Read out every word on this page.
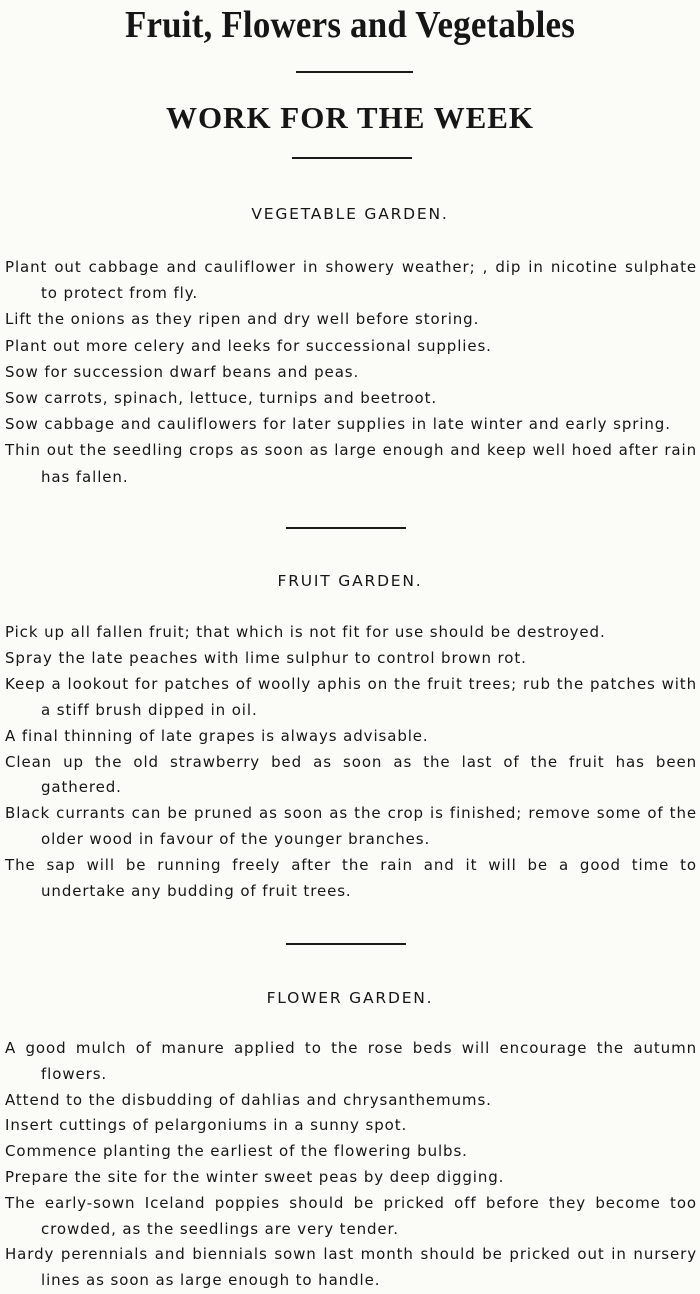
Fruit, Flowers and Vegetables
WORK FOR THE WEEK
VEGETABLE GARDEN.
Plant out cabbage and cauliflower in showery weather; , dip in nicotine sulphate to protect from fly.
Lift the onions as they ripen and dry well before storing.
Plant out more celery and leeks for successional supplies.
Sow for succession dwarf beans and peas.
Sow carrots, spinach, lettuce, turnips and beetroot.
Sow cabbage and cauliflowers for later supplies in late winter and early spring.
Thin out the seedling crops as soon as large enough and keep well hoed after rain has fallen.
FRUIT GARDEN.
Pick up all fallen fruit; that which is not fit for use should be destroyed.
Spray the late peaches with lime sulphur to control brown rot.
Keep a lookout for patches of woolly aphis on the fruit trees; rub the patches with a stiff brush dipped in oil.
A final thinning of late grapes is always advisable.
Clean up the old strawberry bed as soon as the last of the fruit has been gathered.
Black currants can be pruned as soon as the crop is finished; remove some of the older wood in favour of the younger branches.
The sap will be running freely after the rain and it will be a good time to undertake any budding of fruit trees.
FLOWER GARDEN.
A good mulch of manure applied to the rose beds will encourage the autumn flowers.
Attend to the disbudding of dahlias and chrysanthemums.
Insert cuttings of pelargoniums in a sunny spot.
Commence planting the earliest of the flowering bulbs.
Prepare the site for the winter sweet peas by deep digging.
The early-sown Iceland poppies should be pricked off before they become too crowded, as the seedlings are very tender.
Hardy perennials and biennials sown last month should be pricked out in nursery lines as soon as large enough to handle.
